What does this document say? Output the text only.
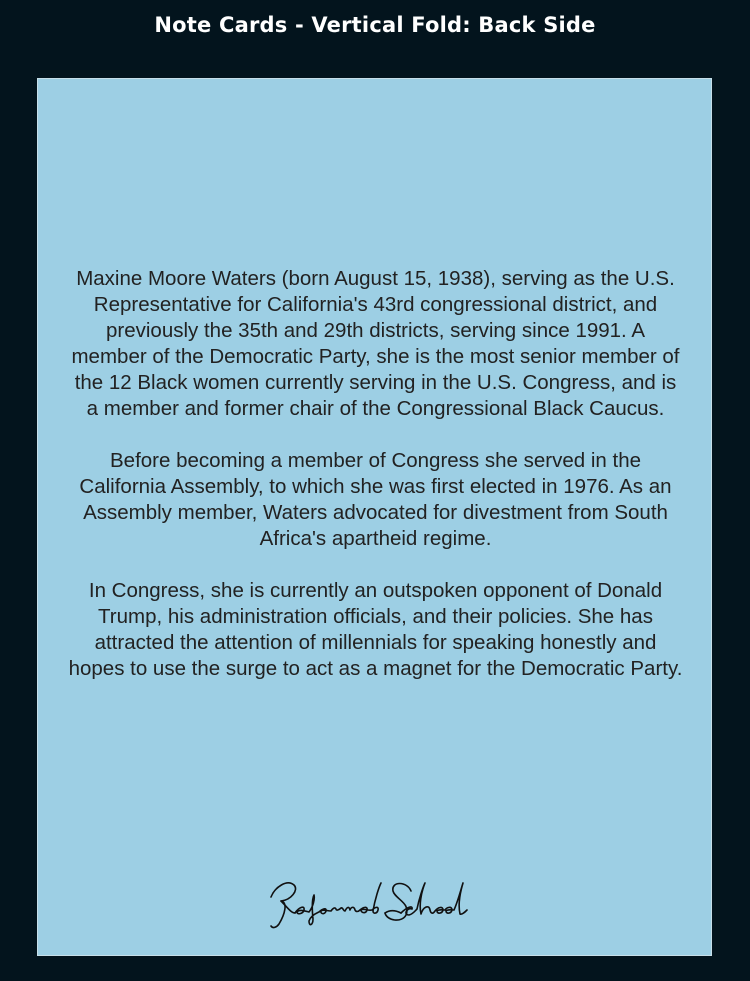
Note Cards - Vertical Fold: Back Side

Maxine Moore Waters (born August 15, 1938), serving as the U.S. Representative for California's 43rd congressional district, and previously the 35th and 29th districts, serving since 1991. A member of the Democratic Party, she is the most senior member of the 12 Black women currently serving in the U.S. Congress, and is a member and former chair of the Congressional Black Caucus.

Before becoming a member of Congress she served in the California Assembly, to which she was first elected in 1976. As an Assembly member, Waters advocated for divestment from South Africa's apartheid regime.

In Congress, she is currently an outspoken opponent of Donald Trump, his administration officials, and their policies. She has attracted the attention of millennials for speaking honestly and hopes to use the surge to act as a magnet for the Democratic Party.
